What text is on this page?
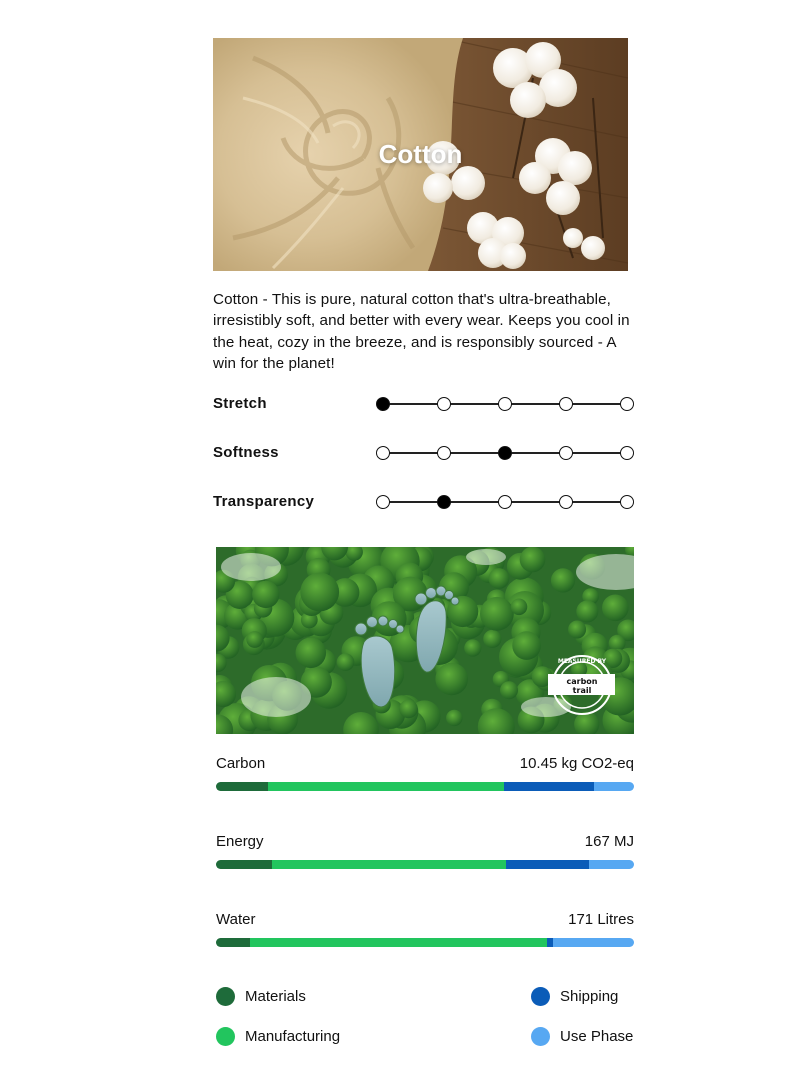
Cotton

Cotton - This is pure, natural cotton that's ultra-breathable, irresistibly soft, and better with every wear. Keeps you cool in the heat, cozy in the breeze, and is responsibly sourced - A win for the planet!

Stretch
Softness
Transparency
MEASURED BY
carbon
trail
Carbon	10.45 kg CO2-eq
Energy	167 MJ
Water	171 Litres
Materials	Shipping
Manufacturing	Use Phase
